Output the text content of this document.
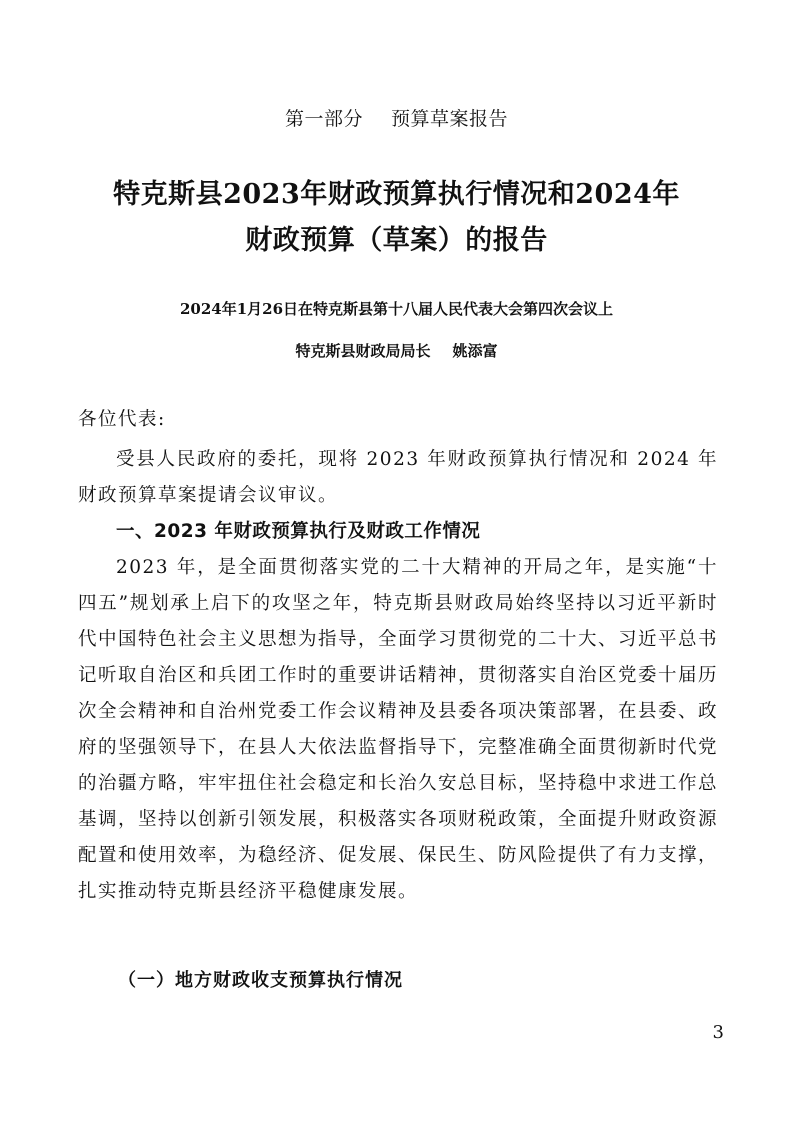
第一部分 预算草案报告
特克斯县2023年财政预算执行情况和2024年
财政预算（草案）的报告
2024年1月26日在特克斯县第十八届人民代表大会第四次会议上
特克斯县财政局局长 姚添富

各位代表:

受县人民政府的委托，现将 2023 年财政预算执行情况和 2024 年财政预算草案提请会议审议。

一、2023 年财政预算执行及财政工作情况

2023 年，是全面贯彻落实党的二十大精神的开局之年，是实施“十四五”规划承上启下的攻坚之年，特克斯县财政局始终坚持以习近平新时代中国特色社会主义思想为指导，全面学习贯彻党的二十大、习近平总书记听取自治区和兵团工作时的重要讲话精神，贯彻落实自治区党委十届历次全会精神和自治州党委工作会议精神及县委各项决策部署，在县委、政府的坚强领导下，在县人大依法监督指导下，完整准确全面贯彻新时代党的治疆方略，牢牢扭住社会稳定和长治久安总目标，坚持稳中求进工作总基调，坚持以创新引领发展，积极落实各项财税政策，全面提升财政资源配置和使用效率，为稳经济、促发展、保民生、防风险提供了有力支撑，扎实推动特克斯县经济平稳健康发展。

（一）地方财政收支预算执行情况
3
